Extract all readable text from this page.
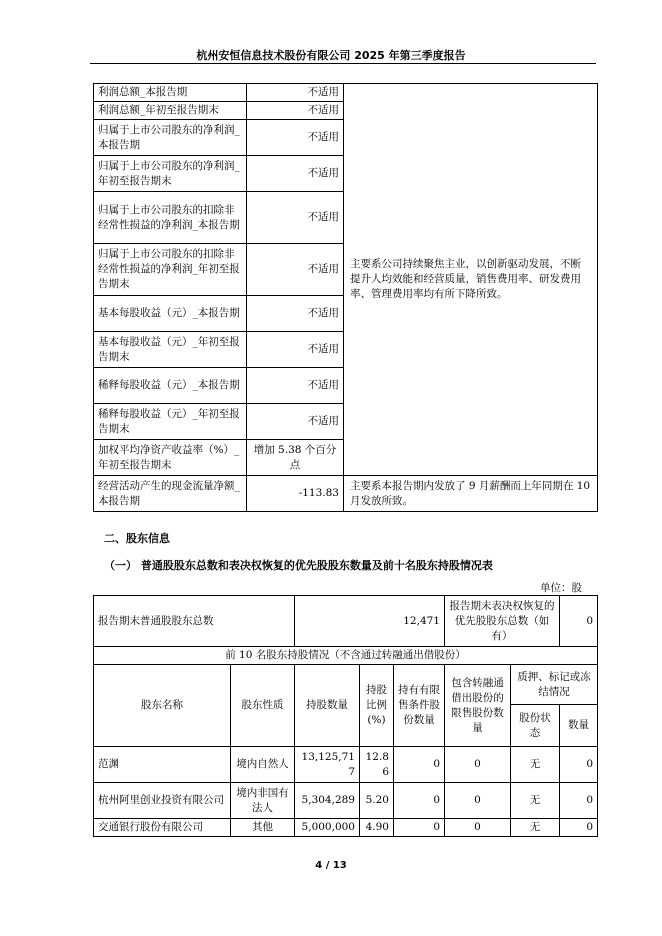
杭州安恒信息技术股份有限公司 2025 年第三季度报告
利润总额_本报告期	不适用	主要系公司持续聚焦主业，以创新驱动发展，不断提升人均效能和经营质量，销售费用率、研发费用率、管理费用率均有所下降所致。
利润总额_年初至报告期末	不适用	
归属于上市公司股东的净利润_本报告期	不适用	
归属于上市公司股东的净利润_年初至报告期末	不适用	
归属于上市公司股东的扣除非经常性损益的净利润_本报告期	不适用	
归属于上市公司股东的扣除非经常性损益的净利润_年初至报告期末	不适用	
基本每股收益（元）_本报告期	不适用	
基本每股收益（元）_年初至报告期末	不适用	
稀释每股收益（元）_本报告期	不适用	
稀释每股收益（元）_年初至报告期末	不适用	
加权平均净资产收益率（%）_年初至报告期末	增加 5.38 个百分点	
经营活动产生的现金流量净额_本报告期	-113.83	主要系本报告期内发放了 9 月薪酬而上年同期在 10 月发放所致。
二、股东信息
（一） 普通股股东总数和表决权恢复的优先股股东数量及前十名股东持股情况表
单位：股
报告期末普通股股东总数		12,471			报告期末表决权恢复的优先股股东总数（如有）		0
前 10 名股东持股情况（不含通过转融通出借股份）							
股东名称	股东性质	持股数量	持股比例(%)	持有有限售条件股份数量	包含转融通借出股份的限售股份数量	质押、标记或冻结情况	
						股份状态	数量
范渊	境内自然人	13,125,717	12.86	0	0	无	0
杭州阿里创业投资有限公司	境内非国有法人	5,304,289	5.20	0	0	无	0
交通银行股份有限公司	其他	5,000,000	4.90	0	0	无	0
4 / 13
